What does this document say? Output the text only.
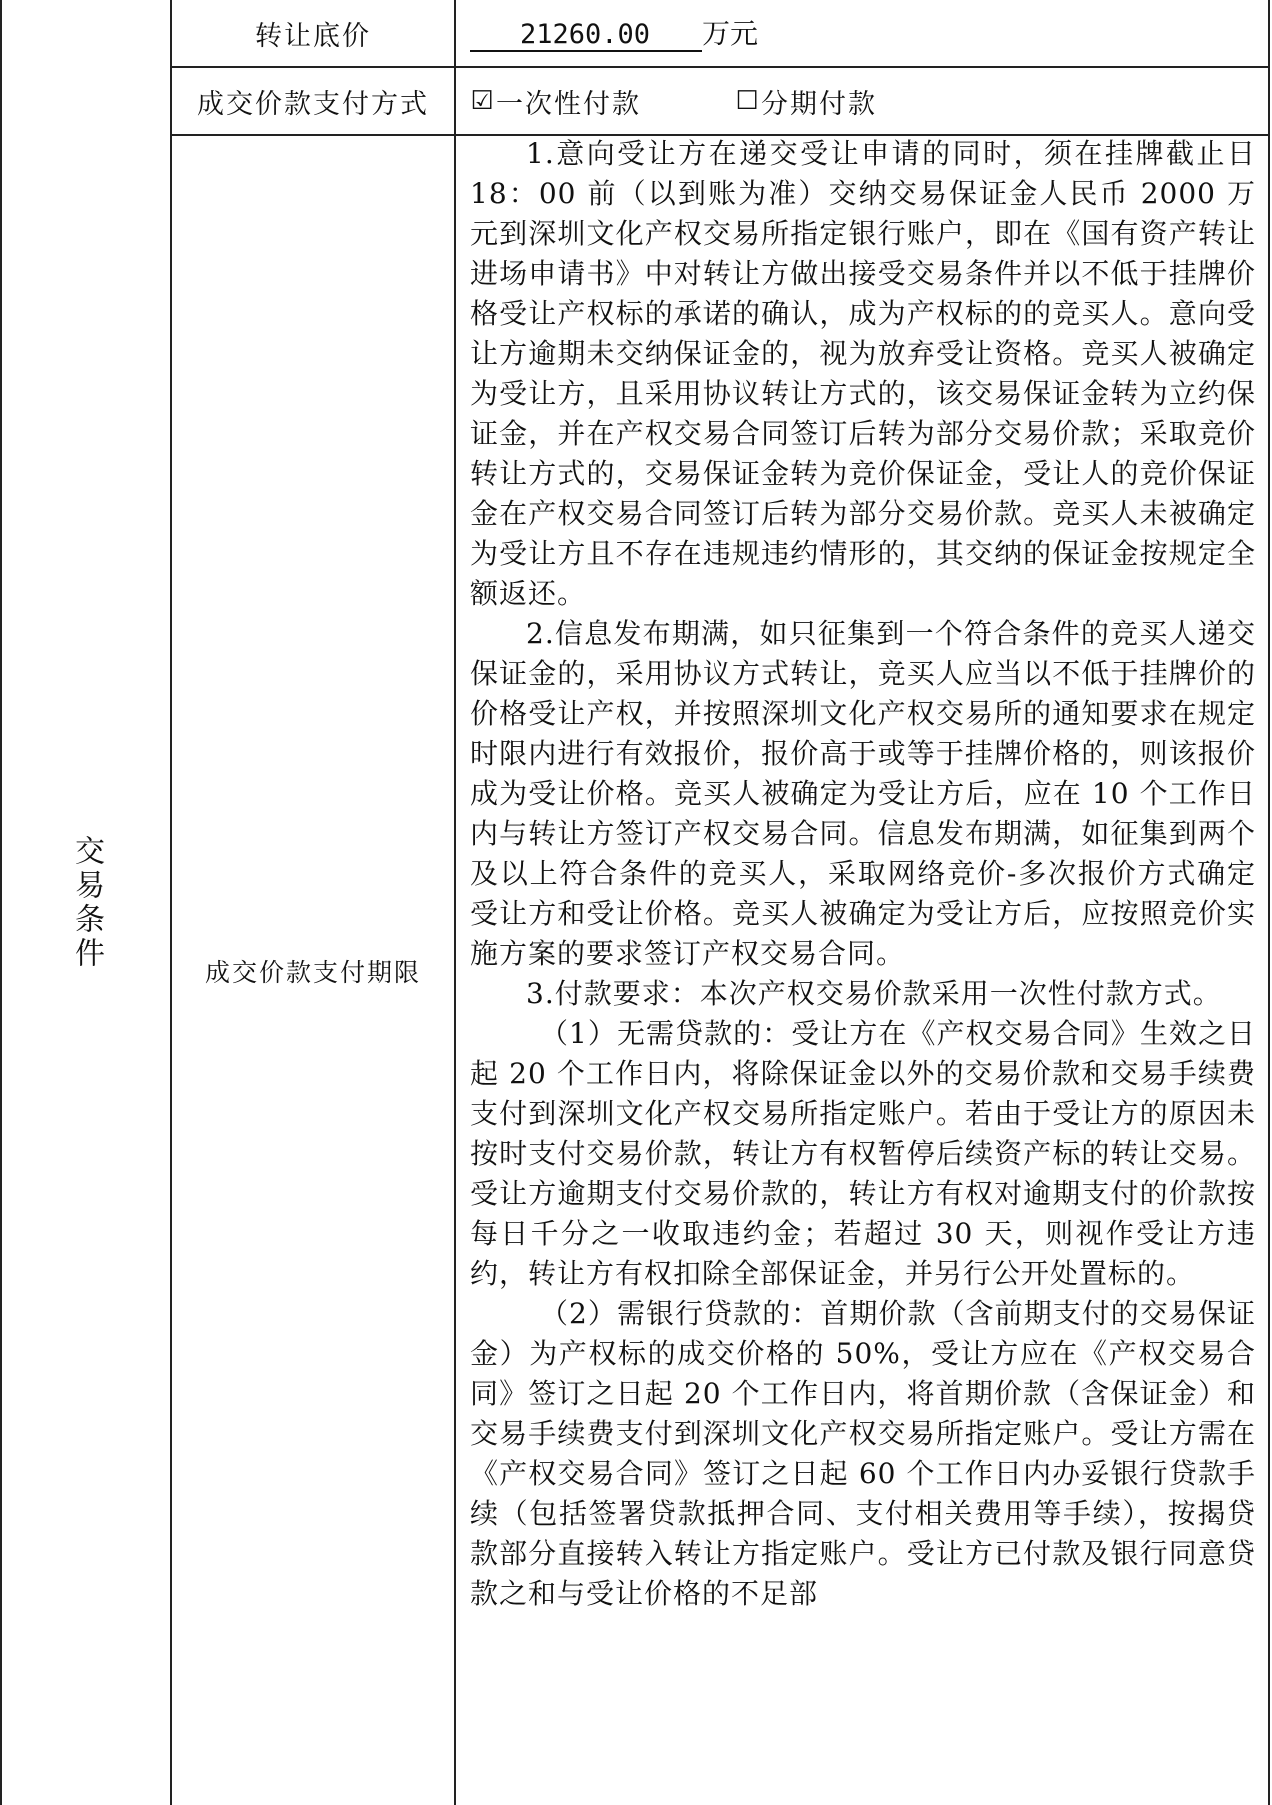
交易条件
转让底价	21260.00 万元
成交价款支付方式 ☑ 一次性付款	☐ 分期付款
成交价款支付期限

1.意向受让方在递交受让申请的同时，须在挂牌截止日 18：00 前（以到账为准）交纳交易保证金人民币 2000 万元到深圳文化产权交易所指定银行账户，即在《国有资产转让进场申请书》中对转让方做出接受交易条件并以不低于挂牌价格受让产权标的承诺的确认，成为产权标的的竞买人。意向受让方逾期未交纳保证金的，视为放弃受让资格。竞买人被确定为受让方，且采用协议转让方式的，该交易保证金转为立约保证金，并在产权交易合同签订后转为部分交易价款；采取竞价转让方式的，交易保证金转为竞价保证金，受让人的竞价保证金在产权交易合同签订后转为部分交易价款。竞买人未被确定为受让方且不存在违规违约情形的，其交纳的保证金按规定全额返还。

2.信息发布期满，如只征集到一个符合条件的竞买人递交保证金的，采用协议方式转让，竞买人应当以不低于挂牌价的价格受让产权，并按照深圳文化产权交易所的通知要求在规定时限内进行有效报价，报价高于或等于挂牌价格的，则该报价成为受让价格。竞买人被确定为受让方后，应在 10 个工作日内与转让方签订产权交易合同。信息发布期满，如征集到两个及以上符合条件的竞买人，采取网络竞价-多次报价方式确定受让方和受让价格。竞买人被确定为受让方后，应按照竞价实施方案的要求签订产权交易合同。

3.付款要求：本次产权交易价款采用一次性付款方式。

（1）无需贷款的：受让方在《产权交易合同》生效之日起 20 个工作日内，将除保证金以外的交易价款和交易手续费支付到深圳文化产权交易所指定账户。若由于受让方的原因未按时支付交易价款，转让方有权暂停后续资产标的转让交易。受让方逾期支付交易价款的，转让方有权对逾期支付的价款按每日千分之一收取违约金；若超过 30 天，则视作受让方违约，转让方有权扣除全部保证金，并另行公开处置标的。

（2）需银行贷款的：首期价款（含前期支付的交易保证金）为产权标的成交价格的 50%，受让方应在《产权交易合同》签订之日起 20 个工作日内，将首期价款（含保证金）和交易手续费支付到深圳文化产权交易所指定账户。受让方需在《产权交易合同》签订之日起 60 个工作日内办妥银行贷款手续（包括签署贷款抵押合同、支付相关费用等手续），按揭贷款部分直接转入转让方指定账户。受让方已付款及银行同意贷款之和与受让价格的不足部
